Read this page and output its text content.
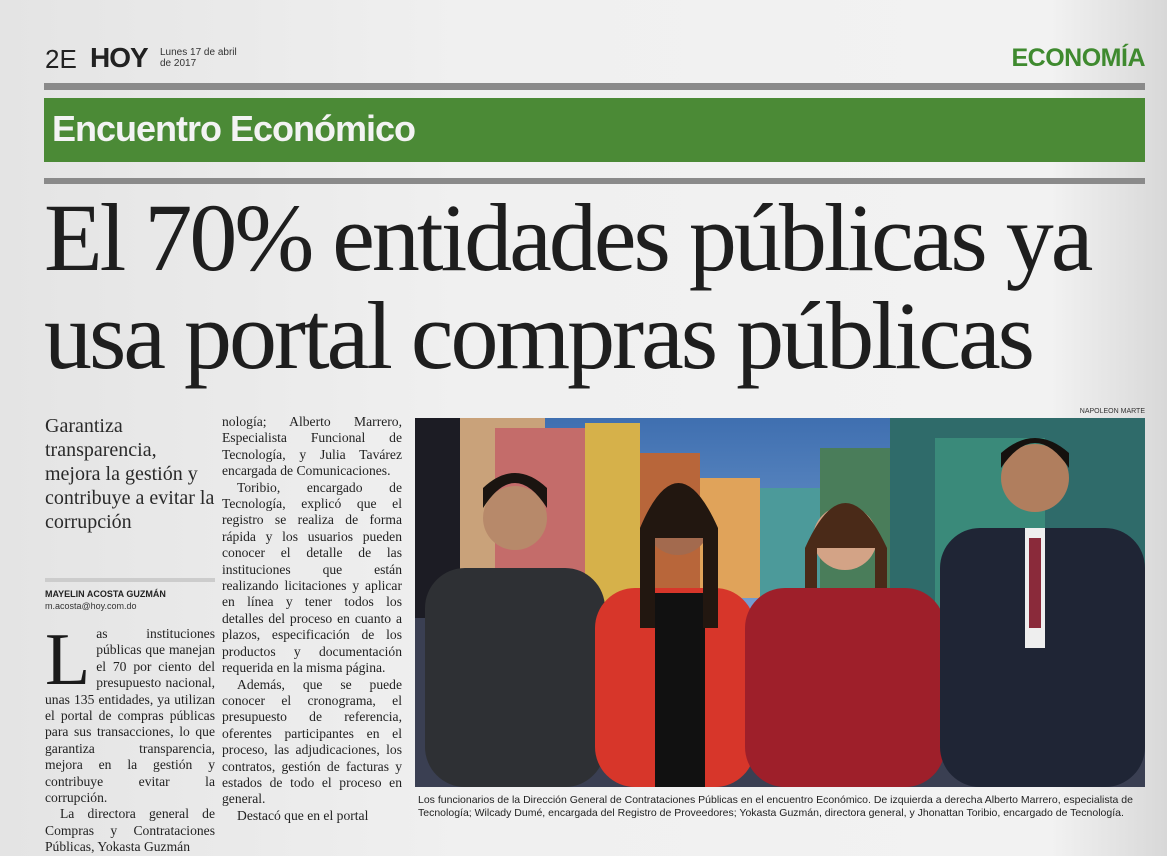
2E HOY Lunes 17 de abril de 2017	ECONOMÍA
Encuentro Económico
El 70% entidades públicas ya
usa portal compras públicas
Garantiza transparencia, mejora la gestión y contribuye a evitar la corrupción
MAYELIN ACOSTA GUZMÁN
m.acosta@hoy.com.do

Las instituciones públicas que manejan el 70 por ciento del presupuesto nacional, unas 135 entidades, ya utilizan el portal de compras públicas para sus transacciones, lo que garantiza transparencia, mejora en la gestión y contribuye evitar la corrupción.

La directora general de Compras y Contrataciones Públicas, Yokasta Guzmán

nología; Alberto Marrero, Especialista Funcional de Tecnología, y Julia Tavárez encargada de Comunicaciones.

Toribio, encargado de Tecnología, explicó que el registro se realiza de forma rápida y los usuarios pueden conocer el detalle de las instituciones que están realizando licitaciones y aplicar en línea y tener todos los detalles del proceso en cuanto a plazos, especificación de los productos y documentación requerida en la misma página.

Además, que se puede conocer el cronograma, el presupuesto de referencia, oferentes participantes en el proceso, las adjudicaciones, los contratos, gestión de facturas y estados de todo el proceso en general.

Destacó que en el portal

NAPOLEON MARTE
Los funcionarios de la Dirección General de Contrataciones Públicas en el encuentro Económico. De izquierda a derecha Alberto Marrero, especialista de Tecnología; Wilcady Dumé, encargada del Registro de Proveedores; Yokasta Guzmán, directora general, y Jhonattan Toribio, encargado de Tecnología.
